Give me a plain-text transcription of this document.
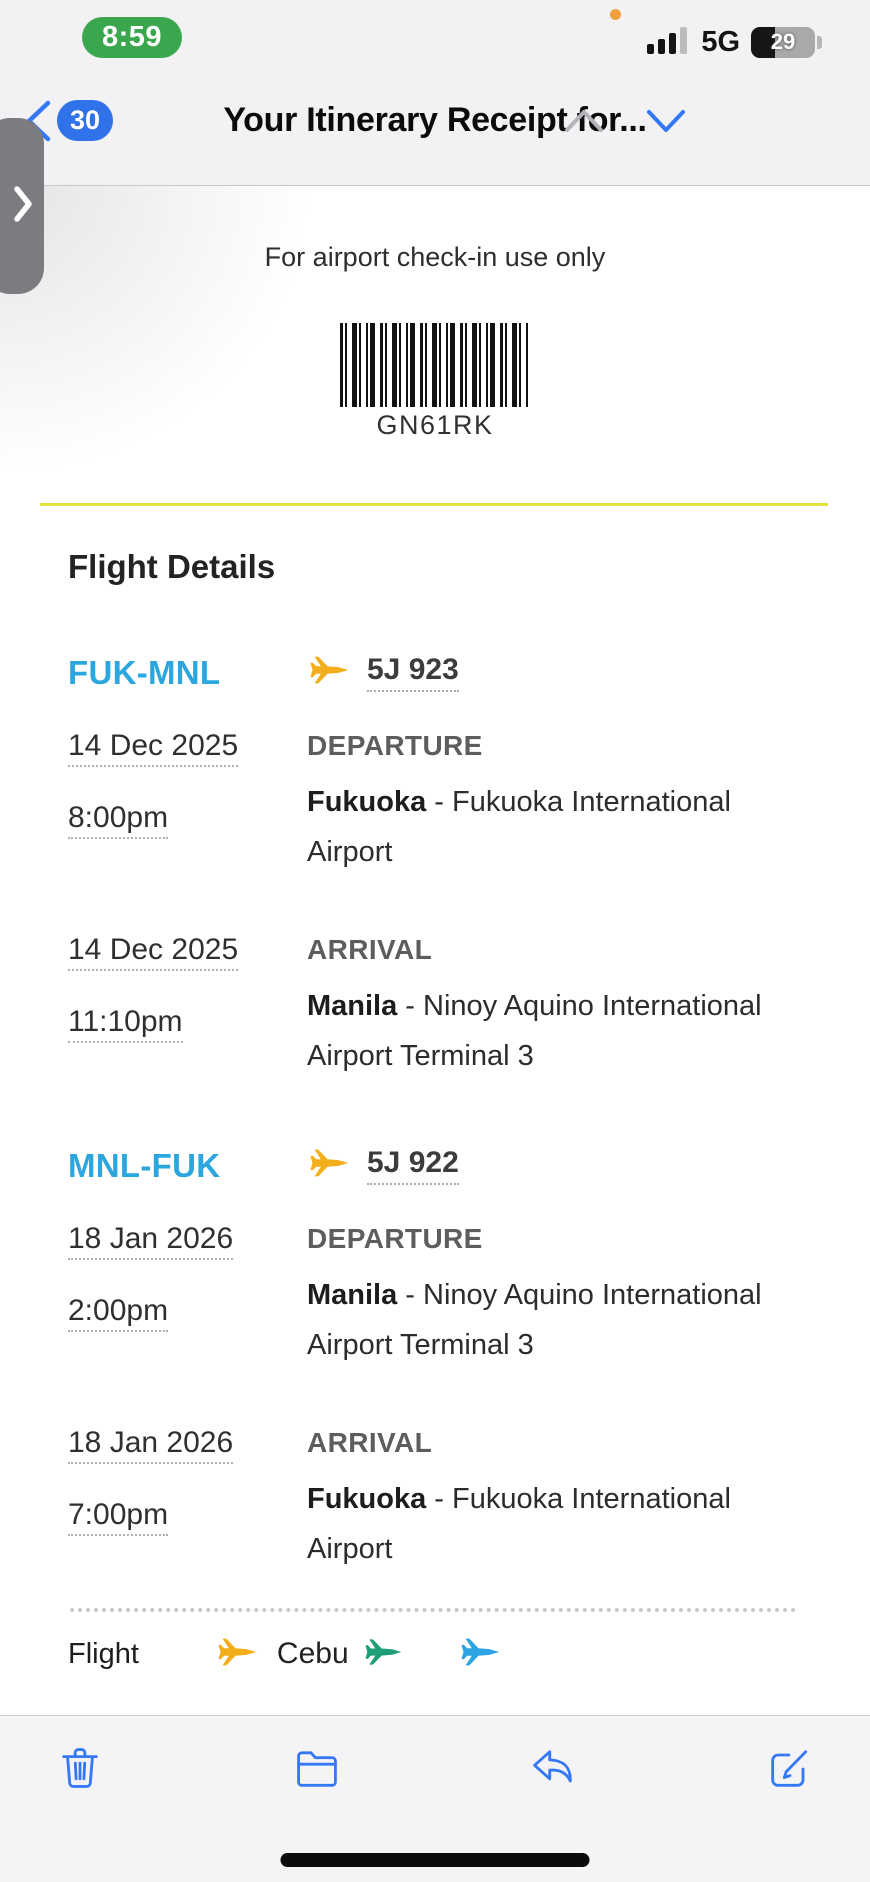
8:59	5G	29
30	Your Itinerary Receipt for...
For airport check-in use only
GN61RK
Flight Details
FUK-MNL	5J 923
14 Dec 2025	DEPARTURE
8:00pm	Fukuoka - Fukuoka International Airport
14 Dec 2025	ARRIVAL
11:10pm	Manila - Ninoy Aquino International Airport Terminal 3
MNL-FUK	5J 922
18 Jan 2026	DEPARTURE
2:00pm	Manila - Ninoy Aquino International Airport Terminal 3
18 Jan 2026	ARRIVAL
7:00pm	Fukuoka - Fukuoka International Airport
Flight	Cebu
